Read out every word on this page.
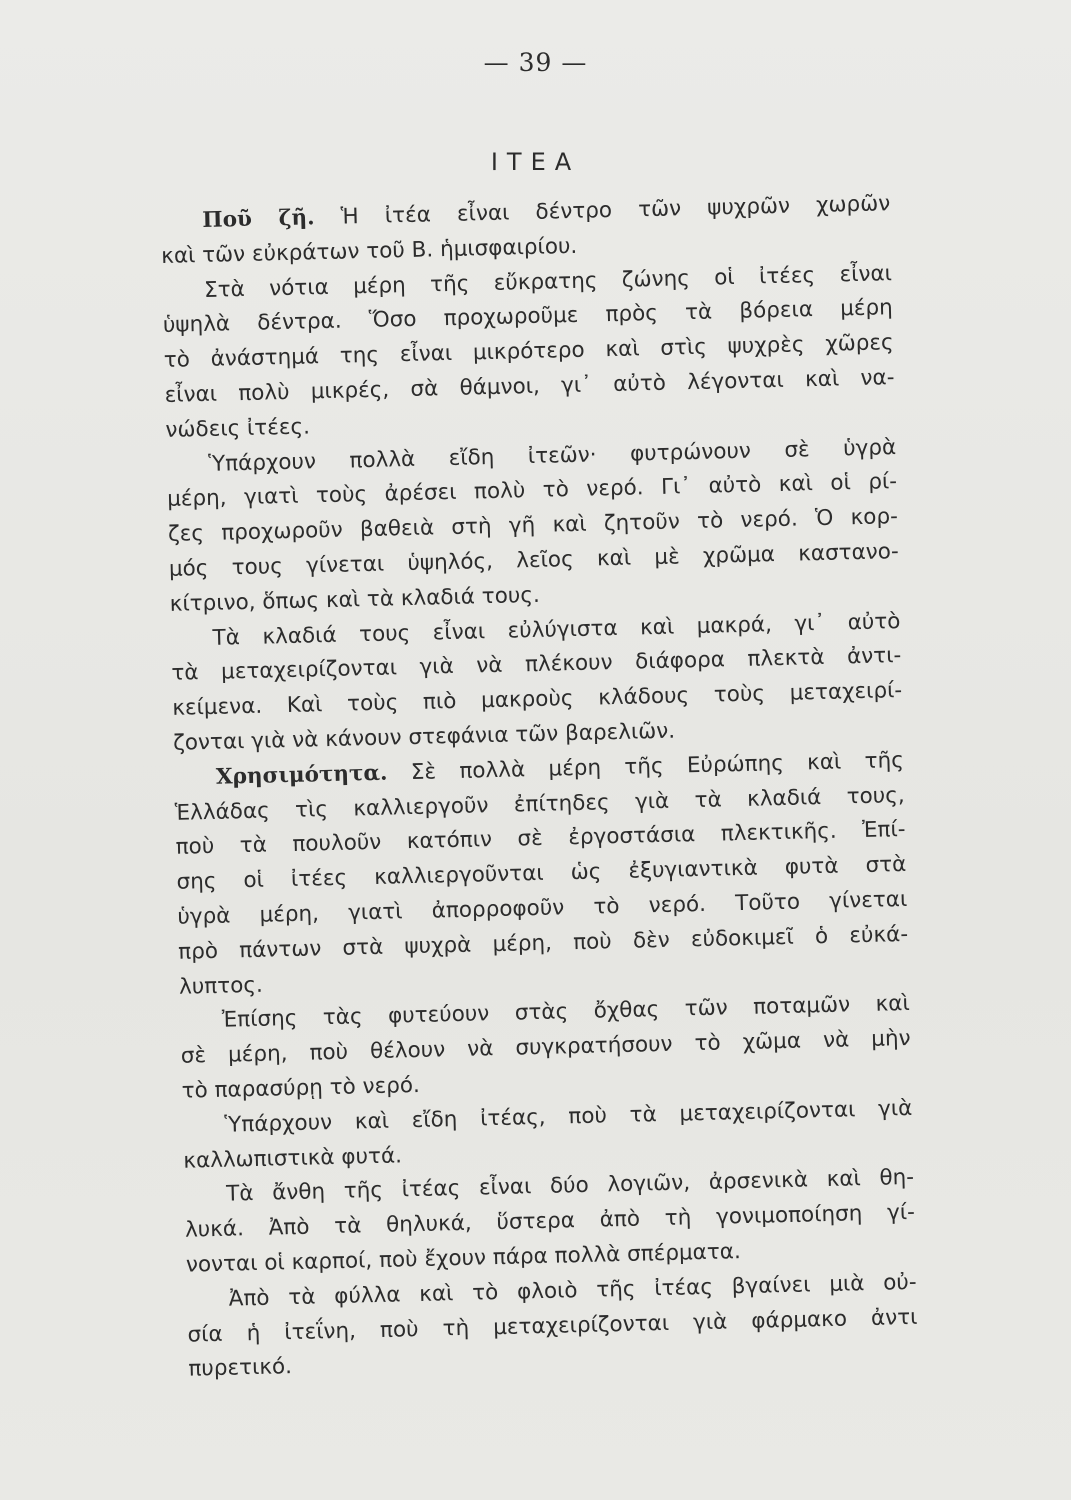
— 39 —
ΙΤΕΑ

Ποῦ ζῆ. Ἡ ἰτέα εἶναι δέντρο τῶν ψυχρῶν χωρῶν
καὶ τῶν εὐκράτων τοῦ Β. ἡμισφαιρίου.

Στὰ νότια μέρη τῆς εὔκρατης ζώνης οἱ ἰτέες εἶναι
ὑψηλὰ δέντρα. Ὅσο προχωροῦμε πρὸς τὰ βόρεια μέρη
τὸ ἀνάστημά της εἶναι μικρότερο καὶ στὶς ψυχρὲς χῶρες
εἶναι πολὺ μικρές, σὰ θάμνοι, γι᾿ αὐτὸ λέγονται καὶ να-
νώδεις ἰτέες.

Ὑπάρχουν πολλὰ εἴδη ἰτεῶν· φυτρώνουν σὲ ὑγρὰ
μέρη, γιατὶ τοὺς ἀρέσει πολὺ τὸ νερό. Γι᾿ αὐτὸ καὶ οἱ ρί-
ζες προχωροῦν βαθειὰ στὴ γῆ καὶ ζητοῦν τὸ νερό. Ὁ κορ-
μός τους γίνεται ὑψηλός, λεῖος καὶ μὲ χρῶμα καστανο-
κίτρινο, ὅπως καὶ τὰ κλαδιά τους.

Τὰ κλαδιά τους εἶναι εὐλύγιστα καὶ μακρά, γι᾿ αὐτὸ
τὰ μεταχειρίζονται γιὰ νὰ πλέκουν διάφορα πλεκτὰ ἀντι-
κείμενα. Καὶ τοὺς πιὸ μακροὺς κλάδους τοὺς μεταχειρί-
ζονται γιὰ νὰ κάνουν στεφάνια τῶν βαρελιῶν.

Χρησιμότητα. Σὲ πολλὰ μέρη τῆς Εὐρώπης καὶ τῆς
Ἑλλάδας τὶς καλλιεργοῦν ἐπίτηδες γιὰ τὰ κλαδιά τους,
ποὺ τὰ πουλοῦν κατόπιν σὲ ἐργοστάσια πλεκτικῆς. Ἐπί-
σης οἱ ἰτέες καλλιεργοῦνται ὡς ἐξυγιαντικὰ φυτὰ στὰ
ὑγρὰ μέρη, γιατὶ ἀπορροφοῦν τὸ νερό. Τοῦτο γίνεται
πρὸ πάντων στὰ ψυχρὰ μέρη, ποὺ δὲν εὐδοκιμεῖ ὁ εὐκά-
λυπτος.

Ἐπίσης τὰς φυτεύουν στὰς ὄχθας τῶν ποταμῶν καὶ
σὲ μέρη, ποὺ θέλουν νὰ συγκρατήσουν τὸ χῶμα νὰ μὴν
τὸ παρασύρῃ τὸ νερό.

Ὑπάρχουν καὶ εἴδη ἰτέας, ποὺ τὰ μεταχειρίζονται γιὰ
καλλωπιστικὰ φυτά.

Τὰ ἄνθη τῆς ἰτέας εἶναι δύο λογιῶν, ἀρσενικὰ καὶ θη-
λυκά. Ἀπὸ τὰ θηλυκά, ὕστερα ἀπὸ τὴ γονιμοποίηση γί-
νονται οἱ καρποί, ποὺ ἔχουν πάρα πολλὰ σπέρματα.

Ἀπὸ τὰ φύλλα καὶ τὸ φλοιὸ τῆς ἰτέας βγαίνει μιὰ οὐ-
σία ἡ ἰτεΐνη, ποὺ τὴ μεταχειρίζονται γιὰ φάρμακο ἀντι
πυρετικό.
